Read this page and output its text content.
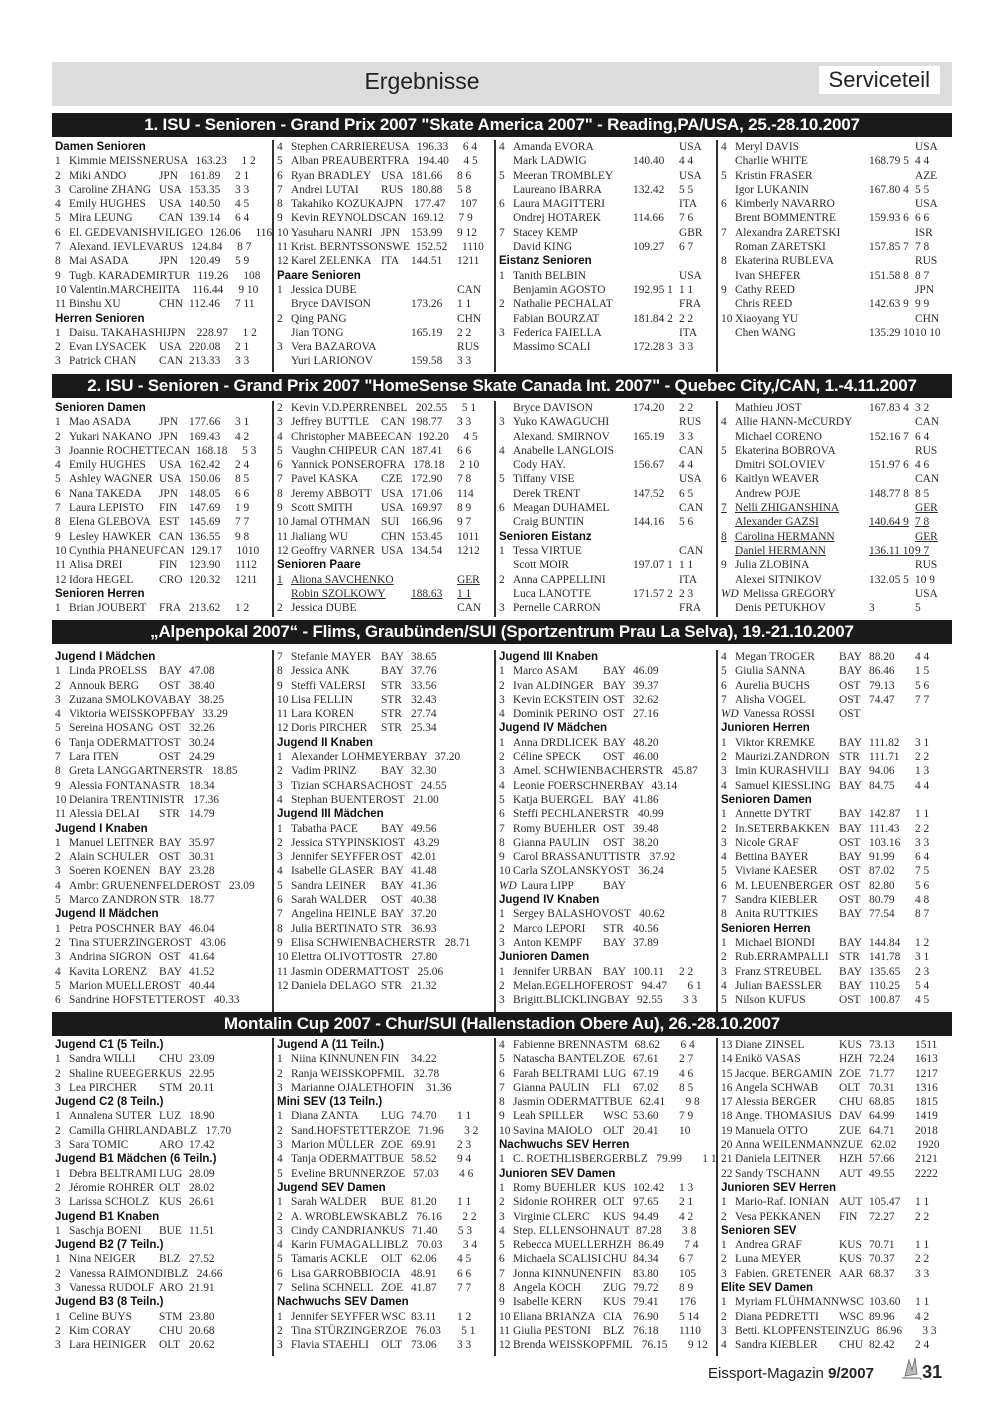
Ergebnisse	Serviceteil
1. ISU - Senioren - Grand Prix 2007 "Skate America 2007" - Reading,PA/USA, 25.-28.10.2007
Damen Senioren
1 Kimmie MEISSNER USA 163.23	1 2
2 Miki ANDO	JPN 161.89	2 1
3 Caroline ZHANG USA 153.35	3 3
4 Emily HUGHES	USA 140.50	4 5
5 Mira LEUNG	CAN 139.14	6 4
6 El. GEDEVANISHVILI GEO 126.06	116
7 Alexand. IEVLEVA RUS 124.84	8 7
8 Mai ASADA	JPN 120.49	5 9
9 Tugb. KARADEMIR TUR 119.26	108
10 Valentin.MARCHEI ITA	116.44	9 10
11 Binshu XU	CHN 112.46	7 11
Herren Senioren
1 Daisu. TAKAHASHI JPN 228.97	1 2
2 Evan LYSACEK	USA 220.08	2 1
3 Patrick CHAN	CAN 213.33	3 3
4 Stephen CARRIERE USA 196.33	6 4
5 Alban PREAUBERT FRA 194.40	4 5
6 Ryan BRADLEY USA 181.66	8 6
7 Andrei LUTAI	RUS 180.88	5 8
8 Takahiko KOZUKA JPN 177.47	107
9 Kevin REYNOLDS CAN 169.12	7 9
10 Yasuharu NANRI JPN 153.99	9 12
11 Krist. BERNTSSON SWE 152.52	1110
12 Karel ZELENKA ITA	144.51	1211
Paare Senioren
1 Jessica DUBE	CAN
Bryce DAVISON	173.26	1 1
2 Qing PANG	CHN
Jian TONG	165.19	2 2
3 Vera BAZAROVA	RUS
Yuri LARIONOV	159.58	3 3
4 Amanda EVORA	USA
Mark LADWIG	140.40	4 4
5 Meeran TROMBLEY	USA
Laureano IBARRA	132.42	5 5
6 Laura MAGITTERI	ITA
Ondrej HOTAREK	114.66	7 6
7 Stacey KEMP	GBR
David KING	109.27	6 7
Eistanz Senioren
1 Tanith BELBIN	USA
Benjamin AGOSTO	192.95 1 1 1
2 Nathalie PECHALAT	FRA
Fabian BOURZAT	181.84 2 2 2
3 Federica FAIELLA	ITA
Massimo SCALI	172.28 3 3 3
4 Meryl DAVIS	USA
Charlie WHITE	168.79 5 4 4
5 Kristin FRASER	AZE
Igor LUKANIN	167.80 4 5 5
6 Kimberly NAVARRO	USA
Brent BOMMENTRE	159.93 6 6 6
7 Alexandra ZARETSKI	ISR
Roman ZARETSKI	157.85 7 7 8
8 Ekaterina RUBLEVA	RUS
Ivan SHEFER	151.58 8 8 7
9 Cathy REED	JPN
Chris REED	142.63 9 9 9
10 Xiaoyang YU	CHN
Chen WANG	135.29 10 10 10
2. ISU - Senioren - Grand Prix 2007 "HomeSense Skate Canada Int. 2007" - Quebec City,/CAN, 1.-4.11.2007
Senioren Damen
1 Mao ASADA	JPN 177.66	3 1
2 Yukari NAKANO JPN 169.43	4 2
3 Joannie ROCHETTE CAN 168.18	5 3
4 Emily HUGHES	USA 162.42	2 4
5 Ashley WAGNER USA 150.06	8 5
6 Nana TAKEDA	JPN 148.05	6 6
7 Laura LEPISTO	FIN	147.69	1 9
8 Elena GLEBOVA EST 145.69	7 7
9 Lesley HAWKER CAN 136.55	9 8
10 Cynthia PHANEUF CAN 129.17	1010
11 Alisa DREI	FIN	123.90	1112
12 Idora HEGEL	CRO 120.32	1211
Senioren Herren
1 Brian JOUBERT	FRA 213.62	1 2
2 Kevin V.D.PERREN BEL 202.55	5 1
3 Jeffrey BUTTLE	CAN 198.77	3 3
4 Christopher MABEE CAN 192.20	4 5
5 Vaughn CHIPEUR CAN 187.41	6 6
6 Yannick PONSERO FRA 178.18	2 10
7 Pavel KASKA	CZE 172.90	7 8
8 Jeremy ABBOTT USA 171.06	114
9 Scott SMITH	USA 169.97	8 9
10 Jamal OTHMAN SUI	166.96	9 7
11 Jialiang WU	CHN 153.45	1011
12 Geoffry VARNER USA 134.54	1212
Senioren Paare
1 Aliona SAVCHENKO	GER
Robin SZOLKOWY	188.63	1 1
2 Jessica DUBE	CAN
Bryce DAVISON	174.20	2 2
3 Yuko KAWAGUCHI	RUS
Alexand. SMIRNOV	165.19	3 3
4 Anabelle LANGLOIS	CAN
Cody HAY.	156.67	4 4
5 Tiffany VISE	USA
Derek TRENT	147.52	6 5
6 Meagan DUHAMEL	CAN
Craig BUNTIN	144.16	5 6
Senioren Eistanz
1 Tessa VIRTUE	CAN
Scott MOIR	197.07 1 1 1
2 Anna CAPPELLINI	ITA
Luca LANOTTE	171.57 2 2 3
3 Pernelle CARRON	FRA
Mathieu JOST	167.83 4 3 2
4 Allie HANN-McCURDY	CAN
Michael CORENO	152.16 7 6 4
5 Ekaterina BOBROVA	RUS
Dmitri SOLOVIEV	151.97 6 4 6
6 Kaitlyn WEAVER	CAN
Andrew POJE	148.77 8 8 5
7 Nelli ZHIGANSHINA	GER
Alexander GAZSI	140.64 9 7 8
8 Carolina HERMANN	GER
Daniel HERMANN	136.11 10 9 7
9 Julia ZLOBINA	RUS
Alexei SITNIKOV	132.05 5 10 9
WD Melissa GREGORY	USA
Denis PETUKHOV	3	5
„Alpenpokal 2007“ - Flims, Graubünden/SUI (Sportzentrum Prau La Selva), 19.-21.10.2007
Jugend I Mädchen
1 Linda PROELSS	BAY 47.08
2 Annouk BERG	OST 38.40
3 Zuzana SMOLKOVA BAY 38.25
4 Viktoria WEISSKOPF BAY 33.29
5 Sereina HOSANG OST 32.26
6 Tanja ODERMATT OST 30.24
7 Lara ITEN	OST 24.29
8 Greta LANGGARTNER STR 18.85
9 Alessia FONTANA STR 18.34
10 Deianira TRENTINI STR 17.36
11 Alessia DELAI	STR 14.79
Jugend I Knaben
1 Manuel LEITNER BAY 35.97
2 Alain SCHULER OST 30.31
3 Soeren KOENEN BAY 23.28
4 Ambr: GRUENENFELDER OST 23.09
5 Marco ZANDRON STR 18.77
Jugend II Mädchen
1 Petra POSCHNER BAY 46.04
2 Tina STUERZINGER OST 43.06
3 Andrina SIGRON OST 41.64
4 Kavita LORENZ	BAY 41.52
5 Marion MUELLER OST 40.44
6 Sandrine HOFSTETTER OST 40.33
7 Stefanie MAYER BAY 38.65
8 Jessica ANK	BAY 37.76
9 Steffi VALERSI	STR 33.56
10 Lisa FELLIN	STR 32.43
11 Lara KOREN	STR 27.74
12 Doris PIRCHER	STR 25.34
Jugend II Knaben
1 Alexander LOHMEYER BAY 37.20
2 Vadim PRINZ	BAY 32.30
3 Tizian SCHARSACH OST 24.55
4 Stephan BUENTER OST 21.00
Jugend III Mädchen
1 Tabatha PACE	BAY 49.56
2 Jessica STYPINSKI OST 43.29
3 Jennifer SEYFFER OST 42.01
4 Isabelle GLASER BAY 41.48
5 Sandra LEINER	BAY 41.36
6 Sarah WALDER	OST 40.38
7 Angelina HEINLE BAY 37.20
8 Julia BERTINATO STR 36.93
9 Elisa SCHWIENBACHER STR 28.71
10 Elettra OLIVOTTO STR 27.80
11 Jasmin ODERMATT OST 25.06
12 Daniela DELAGO STR 21.32
Jugend III Knaben
1 Marco ASAM	BAY 46.09
2 Ivan ALDINGER BAY 39.37
3 Kevin ECKSTEIN OST 32.62
4 Dominik PERINO OST 27.16
Jugend IV Mädchen
1 Anna DRDLICEK BAY 48.20
2 Céline SPECK	OST 46.00
3 Amel. SCHWIENBACHER STR 45.87
4 Leonie FOERSCHNER BAY 43.14
5 Katja BUERGEL BAY 41.86
6 Steffi PECHLANER STR 40.99
7 Romy BUEHLER OST 39.48
8 Gianna PAULIN	OST 38.20
9 Carol BRASSANUTTI STR 37.92
10 Carla SZOLANSKY OST 36.24
WD Laura LIPP	BAY
Jugend IV Knaben
1 Sergey BALASHOV OST 40.62
2 Marco LEPORI	STR 40.56
3 Anton KEMPF	BAY 37.89
Junioren Damen
1 Jennifer URBAN BAY 100.11	2 2
2 Melan.EGELHOFER OST 94.47	6 1
3 Brigitt.BLICKLING BAY 92.55	3 3
4 Megan TROGER	BAY 88.20	4 4
5 Giulia SANNA	BAY 86.46	1 5
6 Aurelia BUCHS	OST 79.13	5 6
7 Alisha VOGEL	OST 74.47	7 7
WD Vanessa ROSSI	OST
Junioren Herren
1 Viktor KREMKE	BAY 111.82	3 1
2 Maurizi.ZANDRON STR 111.71	2 2
3 Imin KURASHVILI BAY 94.06	1 3
4 Samuel KIESSLING BAY 84.75	4 4
Senioren Damen
1 Annette DYTRT	BAY 142.87	1 1
2 In.SETERBAKKEN BAY 111.43	2 2
3 Nicole GRAF	OST 103.16	3 3
4 Bettina BAYER	BAY 91.99	6 4
5 Viviane KAESER	OST 87.02	7 5
6 M. LEUENBERGER OST 82.80	5 6
7 Sandra KIEBLER	OST 80.79	4 8
8 Anita RUTTKIES	BAY 77.54	8 7
Senioren Herren
1 Michael BIONDI	BAY 144.84	1 2
2 Rub.ERRAMPALLI STR 141.78	3 1
3 Franz STREUBEL	BAY 135.65	2 3
4 Julian BAESSLER	BAY 110.25	5 4
5 Nilson KUFUS	OST 100.87	4 5
Montalin Cup 2007 - Chur/SUI (Hallenstadion Obere Au), 26.-28.10.2007
Jugend C1 (5 Teiln.)
1 Sandra WILLI	CHU 23.09
2 Shaline RUEEGER KUS 22.95
3 Lea PIRCHER	STM 20.11
Jugend C2 (8 Teiln.)
1 Annalena SUTER LUZ 18.90
2 Camilla GHIRLANDA BLZ 17.70
3 Sara TOMIC	ARO 17.42
Jugend B1 Mädchen (6 Teiln.)
1 Debra BELTRAMI LUG 28.09
2 Jéromie ROHRER OLT 28.02
3 Larissa SCHOLZ KUS 26.61
Jugend B1 Knaben
1 Saschja BOENI	BUE 11.51
Jugend B2 (7 Teiln.)
1 Nina NEIGER	BLZ 27.52
2 Vanessa RAIMONDI BLZ 24.66
3 Vanessa RUDOLF ARO 21.91
Jugend B3 (8 Teiln.)
1 Celine BUYS	STM 23.80
2 Kim CORAY	CHU 20.68
3 Lara HEINIGER	OLT 20.62
Jugend A (11 Teiln.)
1 Niina KINNUNEN FIN	34.22
2 Ranja WEISSKOPF MIL 32.78
3 Marianne OJALETHO FIN	31.36
Mini SEV (13 Teiln.)
1 Diana ZANTA	LUG 74.70	1 1
2 Sand.HOFSTETTER ZOE 71.96	3 2
3 Marion MÜLLER ZOE 69.91	2 3
4 Tanja ODERMATT BUE 58.52	9 4
5 Eveline BRUNNER ZOE 57.03	4 6
Jugend SEV Damen
1 Sarah WALDER	BUE 81.20	1 1
2 A. WROBLEWSKA BLZ 76.16	2 2
3 Cindy CANDRIAN KUS 71.40	5 3
4 Karin FUMAGALLI BLZ 70.03	3 4
5 Tamaris ACKLE	OLT 62.06	4 5
6 Lisa GARROBBIO CIA 48.91	6 6
7 Selina SCHNELL ZOE 41.87	7 7
Nachwuchs SEV Damen
1 Jennifer SEYFFER WSC 83.11	1 2
2 Tina STÜRZINGER ZOE 76.03	5 1
3 Flavia STAEHLI	OLT 73.06	3 3
4 Fabienne BRENNA STM 68.62	6 4
5 Natascha BANTEL ZOE 67.61	2 7
6 Farah BELTRAMI LUG 67.19	4 6
7 Gianna PAULIN	FLI	67.02	8 5
8 Jasmin ODERMATT BUE 62.41	9 8
9 Leah SPILLER	WSC 53.60	7 9
10 Savina MAIOLO OLT 20.41	10
Nachwuchs SEV Herren
1 C. ROETHLISBERGER BLZ 79.99	1 1
Junioren SEV Damen
1 Romy BUEHLER KUS 102.42	1 3
2 Sidonie ROHRER OLT 97.65	2 1
3 Virginie CLERC	KUS 94.49	4 2
4 Step. ELLENSOHN AUT 87.28	3 8
5 Rebecca MUELLER HZH 86.49	7 4
6 Michaela SCALISI CHU 84.34	6 7
7 Jonna KINNUNEN FIN	83.80	105
8 Angela KOCH	ZUG 79.72	8 9
9 Isabelle KERN	KUS 79.41	176
10 Eliana BRIANZA CIA 76.90	5 14
11 Giulia PESTONI	BLZ 76.18	1110
12 Brenda WEISSKOPF MIL 76.15	9 12
13 Diane ZINSEL	KUS 73.13	1511
14 Enikö VASAS	HZH 72.24	1613
15 Jacque. BERGAMIN ZOE 71.77	1217
16 Angela SCHWAB	OLT 70.31	1316
17 Alessia BERGER	CHU 68.85	1815
18 Ange. THOMASIUS DAV 64.99	1419
19 Manuela OTTO	ZUE 64.71	2018
20 Anna WEILENMANN ZUE 62.02	1920
21 Daniela LEITNER	HZH 57.66	2121
22 Sandy TSCHANN	AUT 49.55	2222
Junioren SEV Herren
1 Mario-Raf. IONIAN AUT 105.47	1 1
2 Vesa PEKKANEN	FIN	72.27	2 2
Senioren SEV
1 Andrea GRAF	KUS 70.71	1 1
2 Luna MEYER	KUS 70.37	2 2
3 Fabien. GRETENER AAR 68.37	3 3
Elite SEV Damen
1 Myriam FLÜHMANN WSC 103.60	1 1
2 Diana PEDRETTI	WSC 89.96	4 2
3 Betti. KLOPFENSTEIN ZUG 86.96	3 3
4 Sandra KIEBLER	CHU 82.42	2 4
Eissport-Magazin 9/2007	31
